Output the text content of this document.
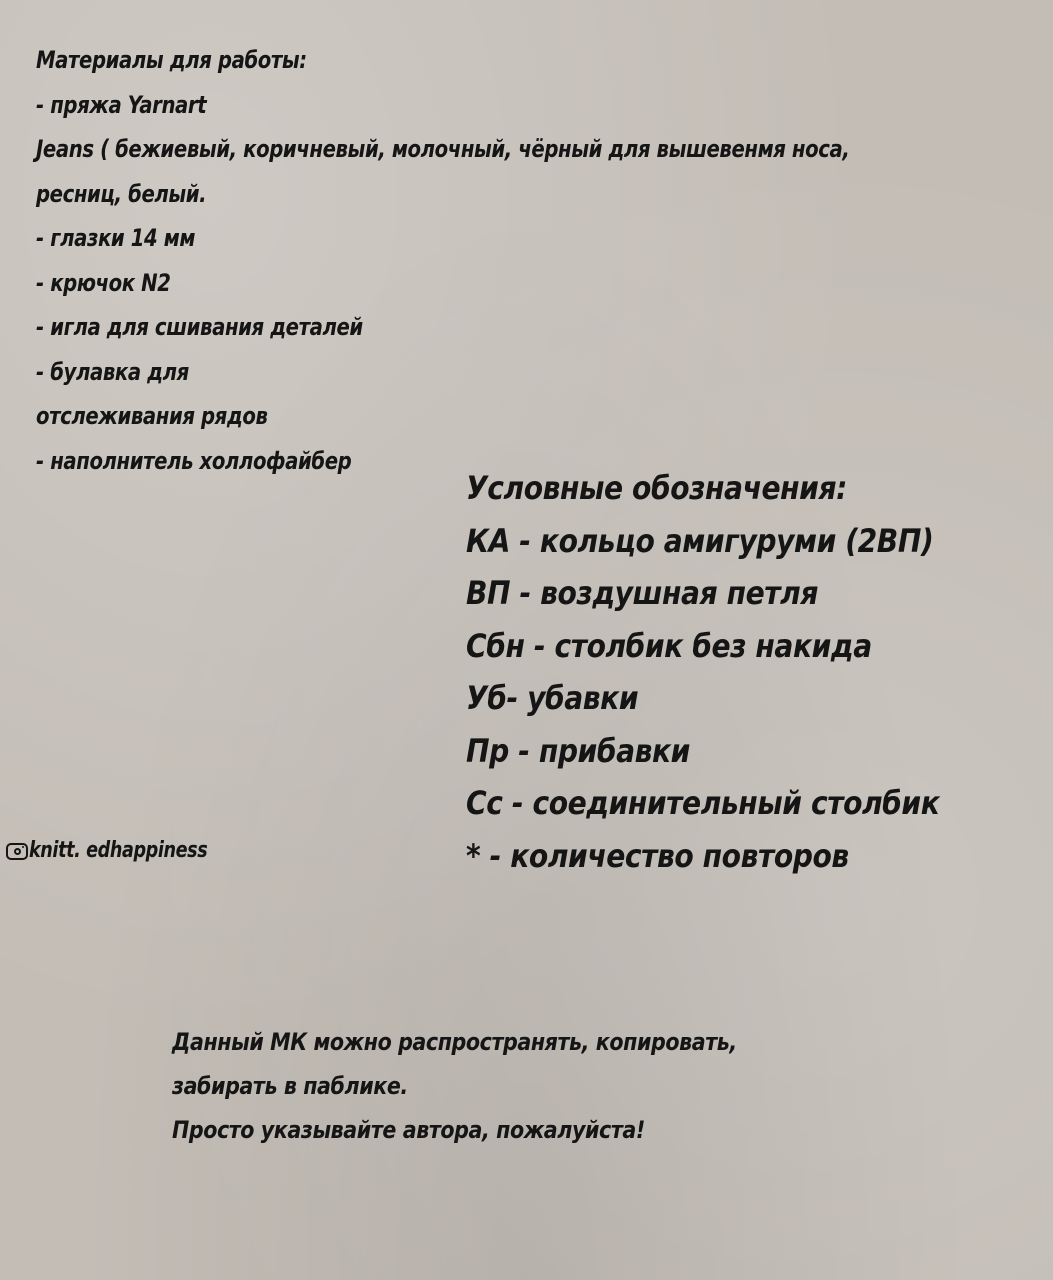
Материалы для работы:
- пряжа Yarnart
Jeans ( бежиевый, коричневый, молочный, чёрный для вышевенмя носа,
ресниц, белый.
- глазки 14 мм
- крючок N2
- игла для сшивания деталей
- булавка для
отслеживания рядов
- наполнитель холлофайбер
Условные обозначения:
КА - кольцо амигуруми (2ВП)
ВП - воздушная петля
Сбн - столбик без накида
Уб- убавки
Пр - прибавки
Сс - соединительный столбик
* - количество повторов
knitt. edhappiness
Данный МК можно распространять, копировать,
забирать в паблике.
Просто указывайте автора, пожалуйста!
